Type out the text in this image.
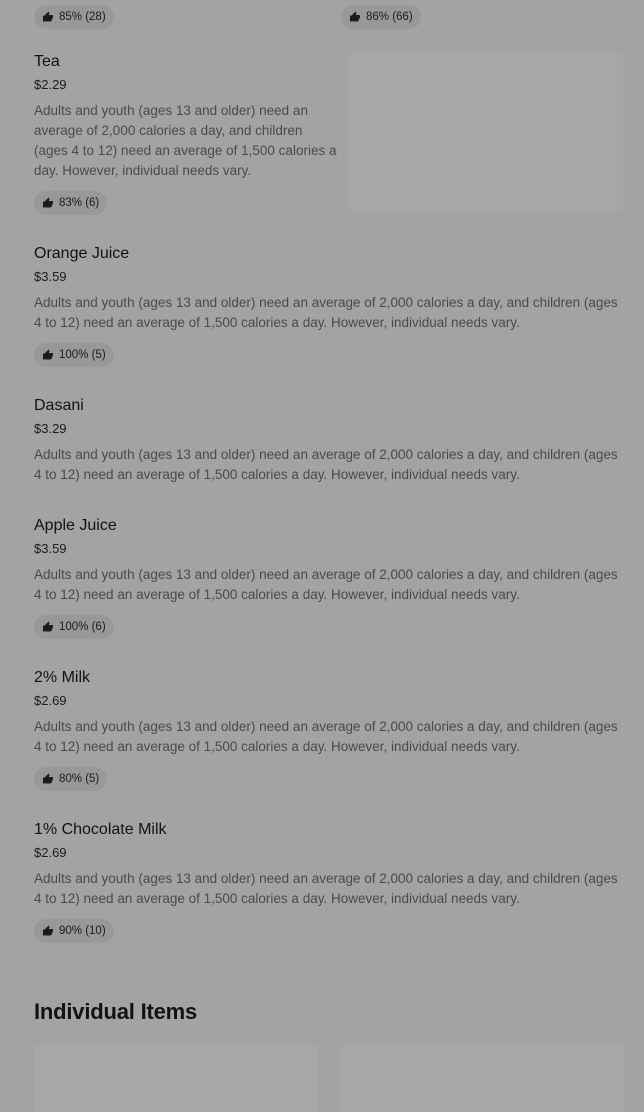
85% (28)	86% (66)
Tea
$2.29
Adults and youth (ages 13 and older) need an average of 2,000 calories a day, and children (ages 4 to 12) need an average of 1,500 calories a day. However, individual needs vary.
83% (6)
Orange Juice
$3.59
Adults and youth (ages 13 and older) need an average of 2,000 calories a day, and children (ages 4 to 12) need an average of 1,500 calories a day. However, individual needs vary.
100% (5)
Dasani
$3.29
Adults and youth (ages 13 and older) need an average of 2,000 calories a day, and children (ages 4 to 12) need an average of 1,500 calories a day. However, individual needs vary.
Apple Juice
$3.59
Adults and youth (ages 13 and older) need an average of 2,000 calories a day, and children (ages 4 to 12) need an average of 1,500 calories a day. However, individual needs vary.
100% (6)
2% Milk
$2.69
Adults and youth (ages 13 and older) need an average of 2,000 calories a day, and children (ages 4 to 12) need an average of 1,500 calories a day. However, individual needs vary.
80% (5)
1% Chocolate Milk
$2.69
Adults and youth (ages 13 and older) need an average of 2,000 calories a day, and children (ages 4 to 12) need an average of 1,500 calories a day. However, individual needs vary.
90% (10)
Individual Items
